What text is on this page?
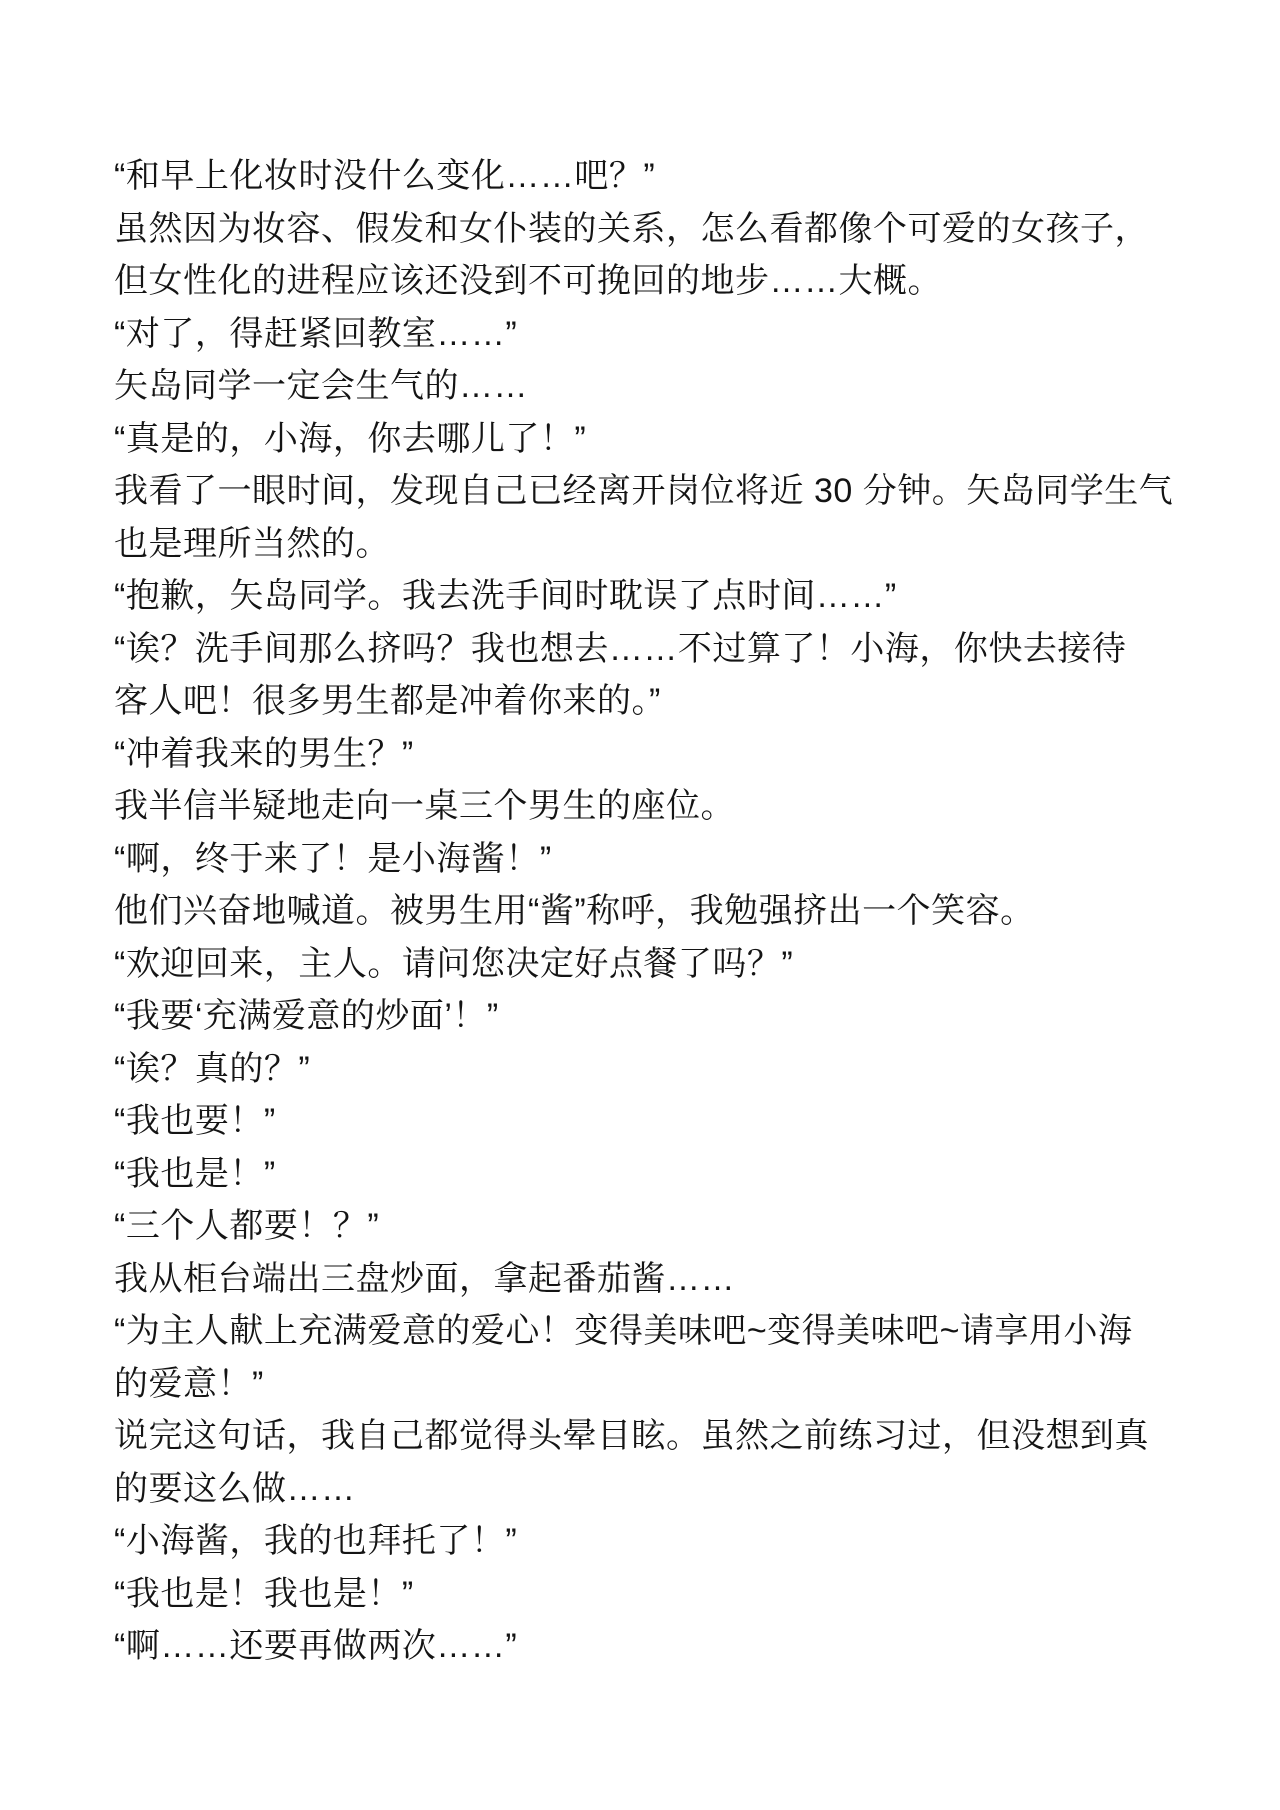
“和早上化妆时没什么变化……吧？”
虽然因为妆容、假发和女仆装的关系，怎么看都像个可爱的女孩子，
但女性化的进程应该还没到不可挽回的地步……大概。
“对了，得赶紧回教室……”
矢岛同学一定会生气的……
“真是的，小海，你去哪儿了！”
我看了一眼时间，发现自己已经离开岗位将近 30 分钟。矢岛同学生气
也是理所当然的。
“抱歉，矢岛同学。我去洗手间时耽误了点时间……”
“诶？洗手间那么挤吗？我也想去……不过算了！小海，你快去接待
客人吧！很多男生都是冲着你来的。”
“冲着我来的男生？”
我半信半疑地走向一桌三个男生的座位。
“啊，终于来了！是小海酱！”
他们兴奋地喊道。被男生用“酱”称呼，我勉强挤出一个笑容。
“欢迎回来，主人。请问您决定好点餐了吗？”
“我要‘充满爱意的炒面’！”
“诶？真的？”
“我也要！”
“我也是！”
“三个人都要！？”
我从柜台端出三盘炒面，拿起番茄酱……
“为主人献上充满爱意的爱心！变得美味吧~变得美味吧~请享用小海
的爱意！”
说完这句话，我自己都觉得头晕目眩。虽然之前练习过，但没想到真
的要这么做……
“小海酱，我的也拜托了！”
“我也是！我也是！”
“啊……还要再做两次……”
